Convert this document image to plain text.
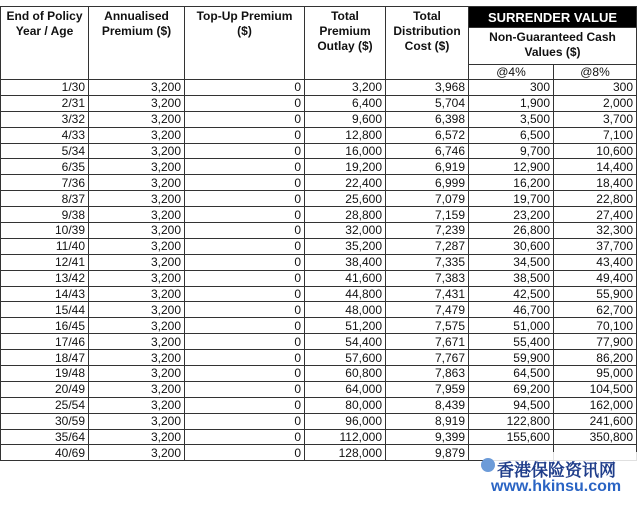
End of Policy Year / Age	Annualised Premium ($)	Top-Up Premium ($)	Total Premium Outlay ($)	Total Distribution Cost ($)	SURRENDER VALUE	
					Non-Guaranteed Cash Values ($)	
					@4%	@8%
1/30	3,200	0	3,200	3,968	300	300
2/31	3,200	0	6,400	5,704	1,900	2,000
3/32	3,200	0	9,600	6,398	3,500	3,700
4/33	3,200	0	12,800	6,572	6,500	7,100
5/34	3,200	0	16,000	6,746	9,700	10,600
6/35	3,200	0	19,200	6,919	12,900	14,400
7/36	3,200	0	22,400	6,999	16,200	18,400
8/37	3,200	0	25,600	7,079	19,700	22,800
9/38	3,200	0	28,800	7,159	23,200	27,400
10/39	3,200	0	32,000	7,239	26,800	32,300
11/40	3,200	0	35,200	7,287	30,600	37,700
12/41	3,200	0	38,400	7,335	34,500	43,400
13/42	3,200	0	41,600	7,383	38,500	49,400
14/43	3,200	0	44,800	7,431	42,500	55,900
15/44	3,200	0	48,000	7,479	46,700	62,700
16/45	3,200	0	51,200	7,575	51,000	70,100
17/46	3,200	0	54,400	7,671	55,400	77,900
18/47	3,200	0	57,600	7,767	59,900	86,200
19/48	3,200	0	60,800	7,863	64,500	95,000
20/49	3,200	0	64,000	7,959	69,200	104,500
25/54	3,200	0	80,000	8,439	94,500	162,000
30/59	3,200	0	96,000	8,919	122,800	241,600
35/64	3,200	0	112,000	9,399	155,600	350,800
40/69	3,200	0	128,000	9,879		
香港保险资讯网
www.hkinsu.com
